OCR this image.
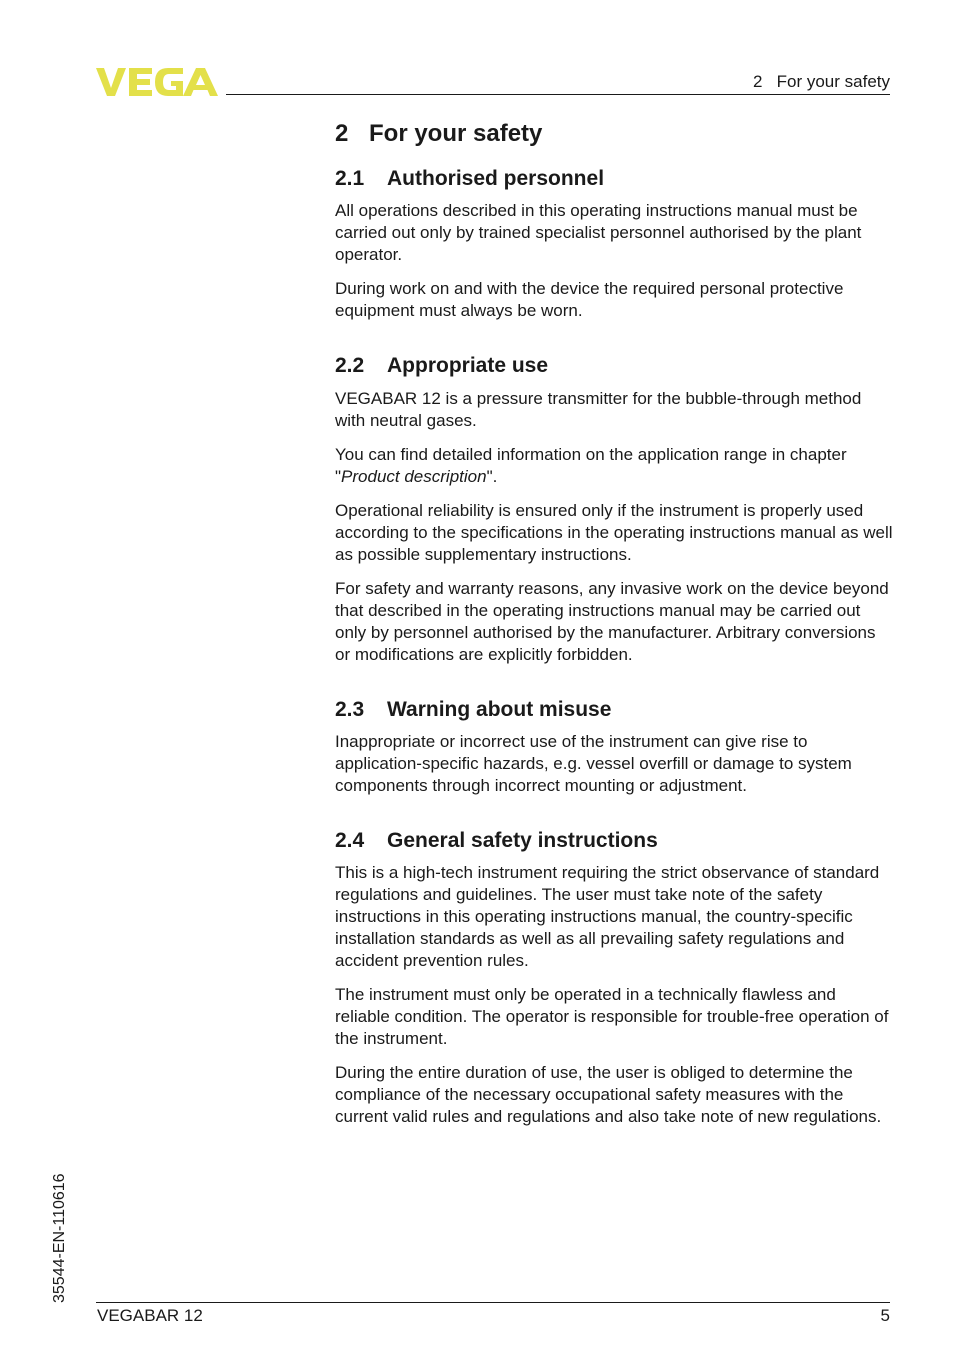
2   For your safety
2 For your safety
2.1 Authorised personnel

All operations described in this operating instructions manual must be carried out only by trained specialist personnel authorised by the plant operator.

During work on and with the device the required personal protective equipment must always be worn.

2.2 Appropriate use

VEGABAR 12 is a pressure transmitter for the bubble-through method with neutral gases.

You can find detailed information on the application range in chapter "Product description".

Operational reliability is ensured only if the instrument is properly used according to the specifications in the operating instructions manual as well as possible supplementary instructions.

For safety and warranty reasons, any invasive work on the device beyond that described in the operating instructions manual may be carried out only by personnel authorised by the manufacturer. Arbitrary conversions or modifications are explicitly forbidden.

2.3 Warning about misuse

Inappropriate or incorrect use of the instrument can give rise to application-specific hazards, e.g. vessel overfill or damage to system components through incorrect mounting or adjustment.

2.4 General safety instructions

This is a high-tech instrument requiring the strict observance of standard regulations and guidelines. The user must take note of the safety instructions in this operating instructions manual, the country-specific installation standards as well as all prevailing safety regulations and accident prevention rules.

The instrument must only be operated in a technically flawless and reliable condition. The operator is responsible for trouble-free operation of the instrument.

During the entire duration of use, the user is obliged to determine the compliance of the necessary occupational safety measures with the current valid rules and regulations and also take note of new regulations.

35544-EN-110616
VEGABAR 12	5
